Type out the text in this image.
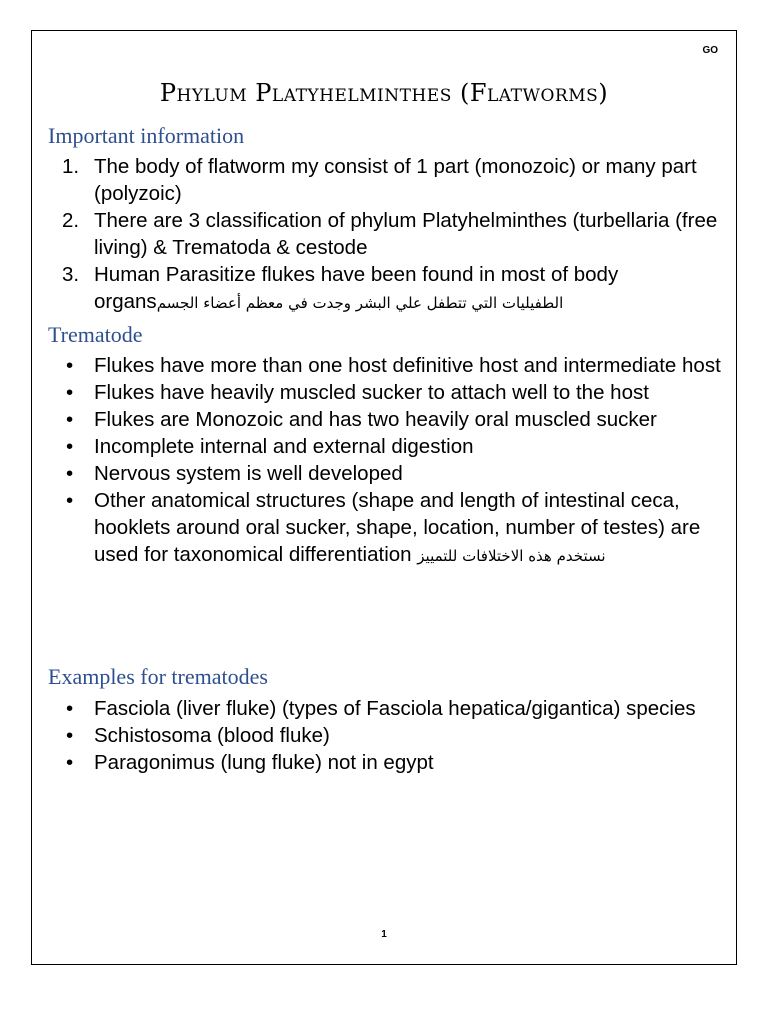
GO
Phylum Platyhelminthes (Flatworms)
Important information
1. The body of flatworm my consist of 1 part (monozoic) or many part (polyzoic)
2. There are 3 classification of phylum Platyhelminthes (turbellaria (free living) & Trematoda & cestode
3. Human Parasitize flukes have been found in most of body organsالطفيليات التي تتطفل علي البشر وجدت في معظم أعضاء الجسم
Trematode
• Flukes have more than one host definitive host and intermediate host
• Flukes have heavily muscled sucker to attach well to the host
• Flukes are Monozoic and has two heavily oral muscled sucker
• Incomplete internal and external digestion
• Nervous system is well developed
• Other anatomical structures (shape and length of intestinal ceca, hooklets around oral sucker, shape, location, number of testes) are used for taxonomical differentiation نستخدم هذه الاختلافات للتمييز
Examples for trematodes
• Fasciola (liver fluke) (types of Fasciola hepatica/gigantica) species
• Schistosoma (blood fluke)
• Paragonimus (lung fluke) not in egypt
1
